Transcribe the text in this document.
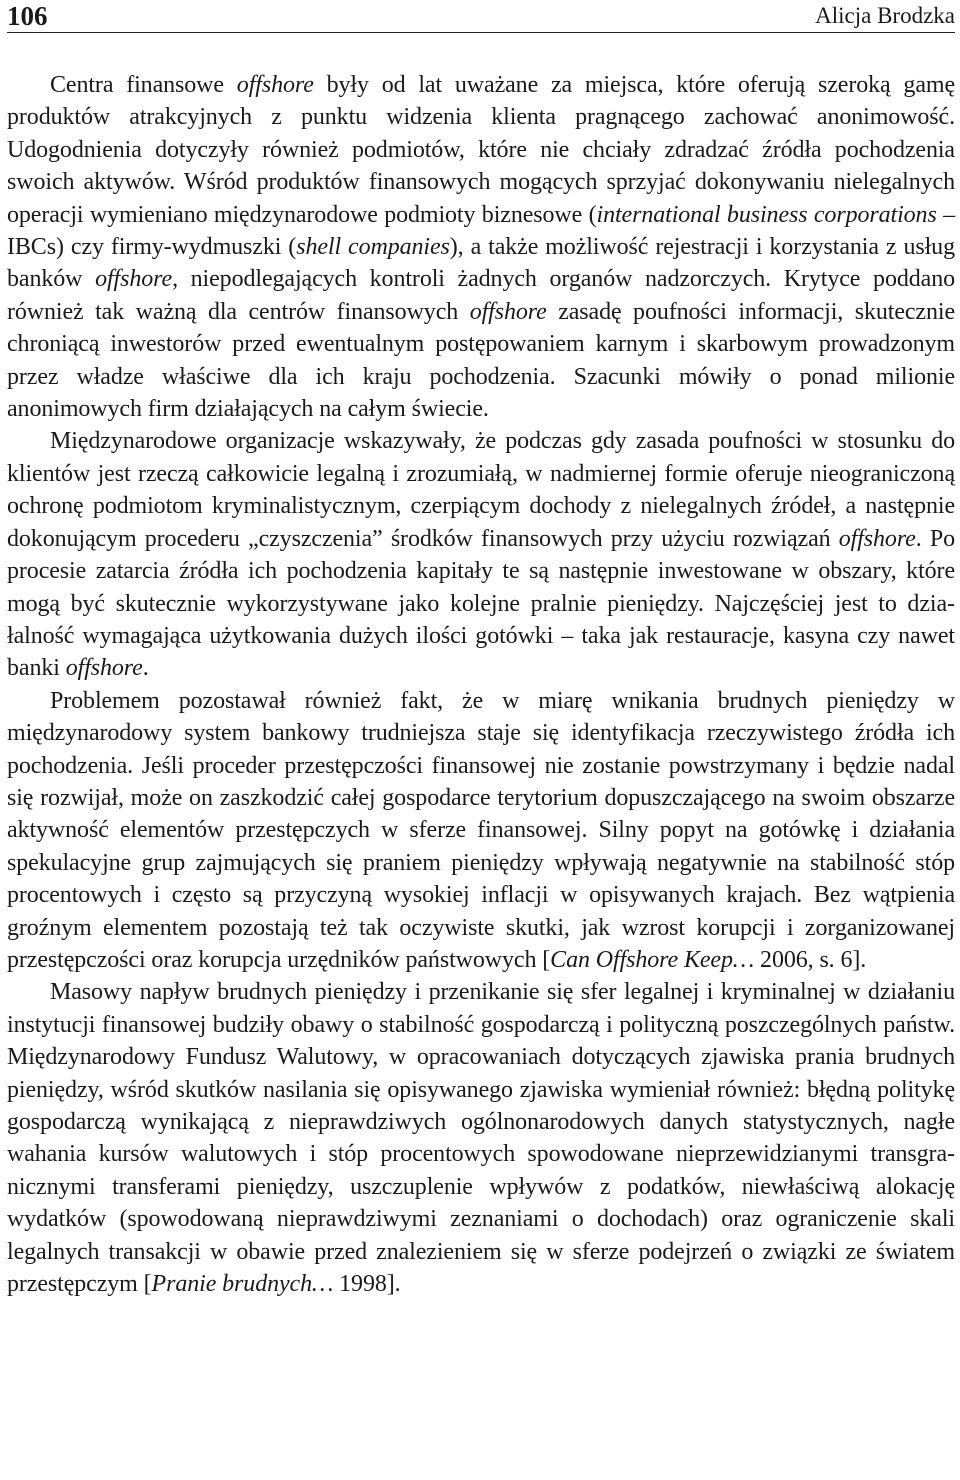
106	Alicja Brodzka

Centra finansowe offshore były od lat uważane za miejsca, które oferują szeroką gamę produktów atrakcyjnych z punktu widzenia klienta pragnącego zachować anonimowość. Udogodnienia dotyczyły również podmiotów, które nie chciały zdradzać źródła pochodzenia swoich aktywów. Wśród produktów finansowych mogących sprzyjać dokonywaniu nielegalnych operacji wymieniano międzynarodowe podmioty biznesowe (international business corporations – IBCs) czy firmy-wydmuszki (shell companies), a także możliwość rejestracji i korzystania z usług banków offshore, niepodlegających kontroli żadnych organów nadzorczych. Krytyce poddano również tak ważną dla centrów finansowych offshore zasadę poufności informacji, skutecznie chroniącą inwestorów przed ewentualnym postępowaniem karnym i skarbowym prowadzonym przez władze właściwe dla ich kraju pochodzenia. Szacunki mówiły o ponad milionie anonimowych firm działających na całym świecie.

Międzynarodowe organizacje wskazywały, że podczas gdy zasada poufności w stosunku do klientów jest rzeczą całkowicie legalną i zrozumiałą, w nadmiernej formie oferuje nieograniczoną ochronę podmiotom kryminalistycznym, czerpiącym dochody z nielegalnych źródeł, a następnie dokonującym procederu „czyszczenia” środków finansowych przy użyciu rozwiązań offshore. Po procesie zatarcia źródła ich pochodzenia kapitały te są następnie inwestowane w obszary, które mogą być skutecznie wykorzystywane jako kolejne pralnie pieniędzy. Najczęściej jest to działalność wymagająca użytkowania dużych ilości gotówki – taka jak restauracje, kasyna czy nawet banki offshore.

Problemem pozostawał również fakt, że w miarę wnikania brudnych pieniędzy w międzynarodowy system bankowy trudniejsza staje się identyfikacja rzeczywistego źródła ich pochodzenia. Jeśli proceder przestępczości finansowej nie zostanie powstrzymany i będzie nadal się rozwijał, może on zaszkodzić całej gospodarce terytorium dopuszczającego na swoim obszarze aktywność elementów przestępczych w sferze finansowej. Silny popyt na gotówkę i działania spekulacyjne grup zajmujących się praniem pieniędzy wpływają negatywnie na stabilność stóp procentowych i często są przyczyną wysokiej inflacji w opisywanych krajach. Bez wątpienia groźnym elementem pozostają też tak oczywiste skutki, jak wzrost korupcji i zorganizowanej przestępczości oraz korupcja urzędników państwowych [Can Offshore Keep… 2006, s. 6].

Masowy napływ brudnych pieniędzy i przenikanie się sfer legalnej i kryminalnej w działaniu instytucji finansowej budziły obawy o stabilność gospodarczą i polityczną poszczególnych państw. Międzynarodowy Fundusz Walutowy, w opracowaniach dotyczących zjawiska prania brudnych pieniędzy, wśród skutków nasilania się opisywanego zjawiska wymieniał również: błędną politykę gospodarczą wynikającą z nieprawdziwych ogólnonarodowych danych statystycznych, nagłe wahania kursów walutowych i stóp procentowych spowodowane nieprzewidzianymi transgranicznymi transferami pieniędzy, uszczuplenie wpływów z podatków, niewłaściwą alokację wydatków (spowodowaną nieprawdziwymi zeznaniami o dochodach) oraz ograniczenie skali legalnych transakcji w obawie przed znalezieniem się w sferze podejrzeń o związki ze światem przestępczym [Pranie brudnych… 1998].
